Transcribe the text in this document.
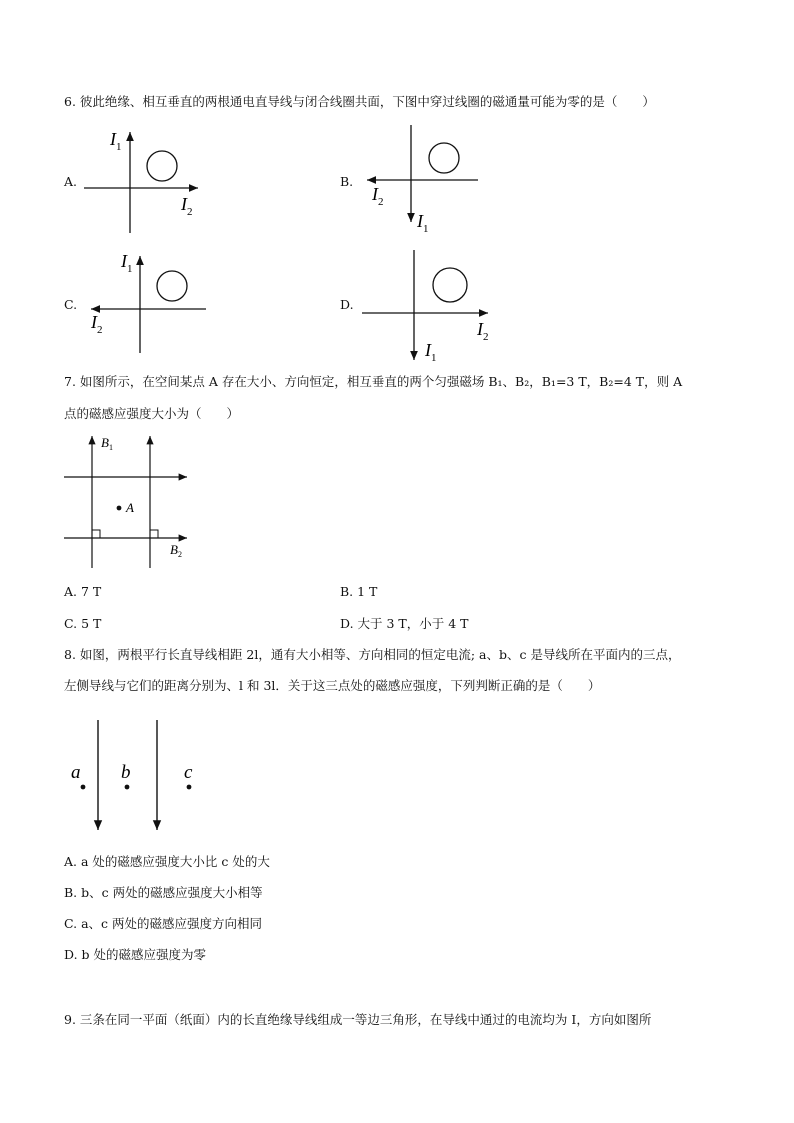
6. 彼此绝缘、相互垂直的两根通电直导线与闭合线圈共面，下图中穿过线圈的磁通量可能为零的是（　　）
A.
$I_1$
$I_2$
B.
$I_2$
$I_1$
C.
$I_1$
$I_2$
D.
$I_2$
$I_1$
7. 如图所示，在空间某点 A 存在大小、方向恒定，相互垂直的两个匀强磁场 B₁、B₂，B₁=3 T，B₂=4 T，则 A
点的磁感应强度大小为（　　）
A
$B_1$
$B_2$
A. 7 T	B. 1 T
C. 5 T	D. 大于 3 T，小于 4 T
8. 如图，两根平行长直导线相距 2l，通有大小相等、方向相同的恒定电流; a、b、c 是导线所在平面内的三点，
左侧导线与它们的距离分别为、l 和 3l．关于这三点处的磁感应强度，下列判断正确的是（　　）
a b	c
A. a 处的磁感应强度大小比 c 处的大
B. b、c 两处的磁感应强度大小相等
C. a、c 两处的磁感应强度方向相同
D. b 处的磁感应强度为零
9. 三条在同一平面（纸面）内的长直绝缘导线组成一等边三角形，在导线中通过的电流均为 I，方向如图所
